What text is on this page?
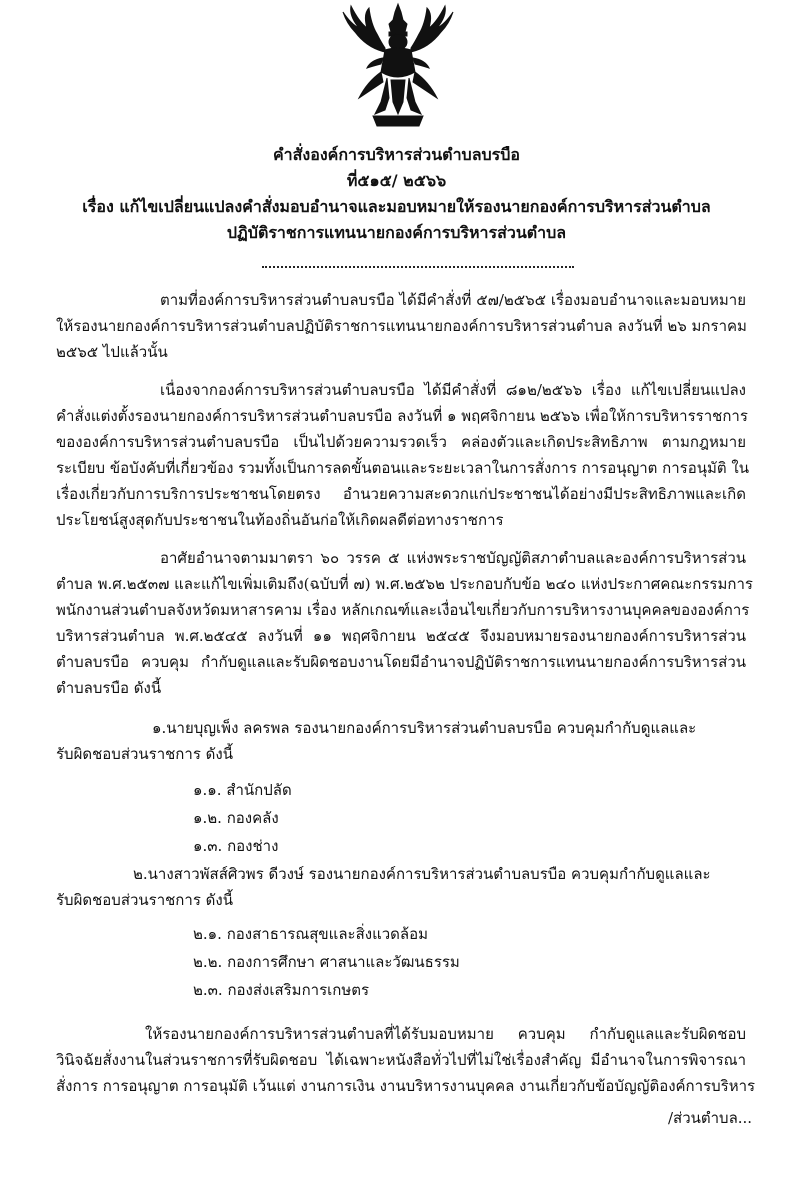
คำสั่งองค์การบริหารส่วนตำบลบรบือ
ที่๕๑๕/ ๒๕๖๖
เรื่อง แก้ไขเปลี่ยนแปลงคำสั่งมอบอำนาจและมอบหมายให้รองนายกองค์การบริหารส่วนตำบล
ปฏิบัติราชการแทนนายกองค์การบริหารส่วนตำบล
ตามที่องค์การบริหารส่วนตำบลบรบือ ได้มีคำสั่งที่ ๕๗/๒๕๖๕ เรื่องมอบอำนาจและมอบหมาย
ให้รองนายกองค์การบริหารส่วนตำบลปฏิบัติราชการแทนนายกองค์การบริหารส่วนตำบล ลงวันที่ ๒๖ มกราคม
๒๕๖๕ ไปแล้วนั้น
เนื่องจากองค์การบริหารส่วนตำบลบรบือ ได้มีคำสั่งที่ ๘๑๒/๒๕๖๖ เรื่อง แก้ไขเปลี่ยนแปลง
คำสั่งแต่งตั้งรองนายกองค์การบริหารส่วนตำบลบรบือ ลงวันที่ ๑ พฤศจิกายน ๒๕๖๖ เพื่อให้การบริหารราชการ
ขององค์การบริหารส่วนตำบลบรบือ เป็นไปด้วยความรวดเร็ว คล่องตัวและเกิดประสิทธิภาพ ตามกฎหมาย
ระเบียบ ข้อบังคับที่เกี่ยวข้อง รวมทั้งเป็นการลดขั้นตอนและระยะเวลาในการสั่งการ การอนุญาต การอนุมัติ ใน
เรื่องเกี่ยวกับการบริการประชาชนโดยตรง อำนวยความสะดวกแก่ประชาชนได้อย่างมีประสิทธิภาพและเกิด
ประโยชน์สูงสุดกับประชาชนในท้องถิ่นอันก่อให้เกิดผลดีต่อทางราชการ
อาศัยอำนาจตามมาตรา ๖๐ วรรค ๕ แห่งพระราชบัญญัติสภาตำบลและองค์การบริหารส่วน
ตำบล พ.ศ.๒๕๓๗ และแก้ไขเพิ่มเติมถึง(ฉบับที่ ๗) พ.ศ.๒๕๖๒ ประกอบกับข้อ ๒๔๐ แห่งประกาศคณะกรรมการ
พนักงานส่วนตำบลจังหวัดมหาสารคาม เรื่อง หลักเกณฑ์และเงื่อนไขเกี่ยวกับการบริหารงานบุคคลขององค์การ
บริหารส่วนตำบล พ.ศ.๒๕๔๕ ลงวันที่ ๑๑ พฤศจิกายน ๒๕๔๕ จึงมอบหมายรองนายกองค์การบริหารส่วน
ตำบลบรบือ ควบคุม กำกับดูแลและรับผิดชอบงานโดยมีอำนาจปฏิบัติราชการแทนนายกองค์การบริหารส่วน
ตำบลบรบือ ดังนี้
๑.นายบุญเพ็ง ลครพล รองนายกองค์การบริหารส่วนตำบลบรบือ ควบคุมกำกับดูแลและ
รับผิดชอบส่วนราชการ ดังนี้
๑.๑. สำนักปลัด
๑.๒. กองคลัง
๑.๓. กองช่าง
๒.นางสาวพัสส์ศิวพร ดีวงษ์ รองนายกองค์การบริหารส่วนตำบลบรบือ ควบคุมกำกับดูแลและ
รับผิดชอบส่วนราชการ ดังนี้
๒.๑. กองสาธารณสุขและสิ่งแวดล้อม
๒.๒. กองการศึกษา ศาสนาและวัฒนธรรม
๒.๓. กองส่งเสริมการเกษตร
ให้รองนายกองค์การบริหารส่วนตำบลที่ได้รับมอบหมาย ควบคุม กำกับดูแลและรับผิดชอบ
วินิจฉัยสั่งงานในส่วนราชการที่รับผิดชอบ ได้เฉพาะหนังสือทั่วไปที่ไม่ใช่เรื่องสำคัญ มีอำนาจในการพิจารณา
สั่งการ การอนุญาต การอนุมัติ เว้นแต่ งานการเงิน งานบริหารงานบุคคล งานเกี่ยวกับข้อบัญญัติองค์การบริหาร
/ส่วนตำบล...
